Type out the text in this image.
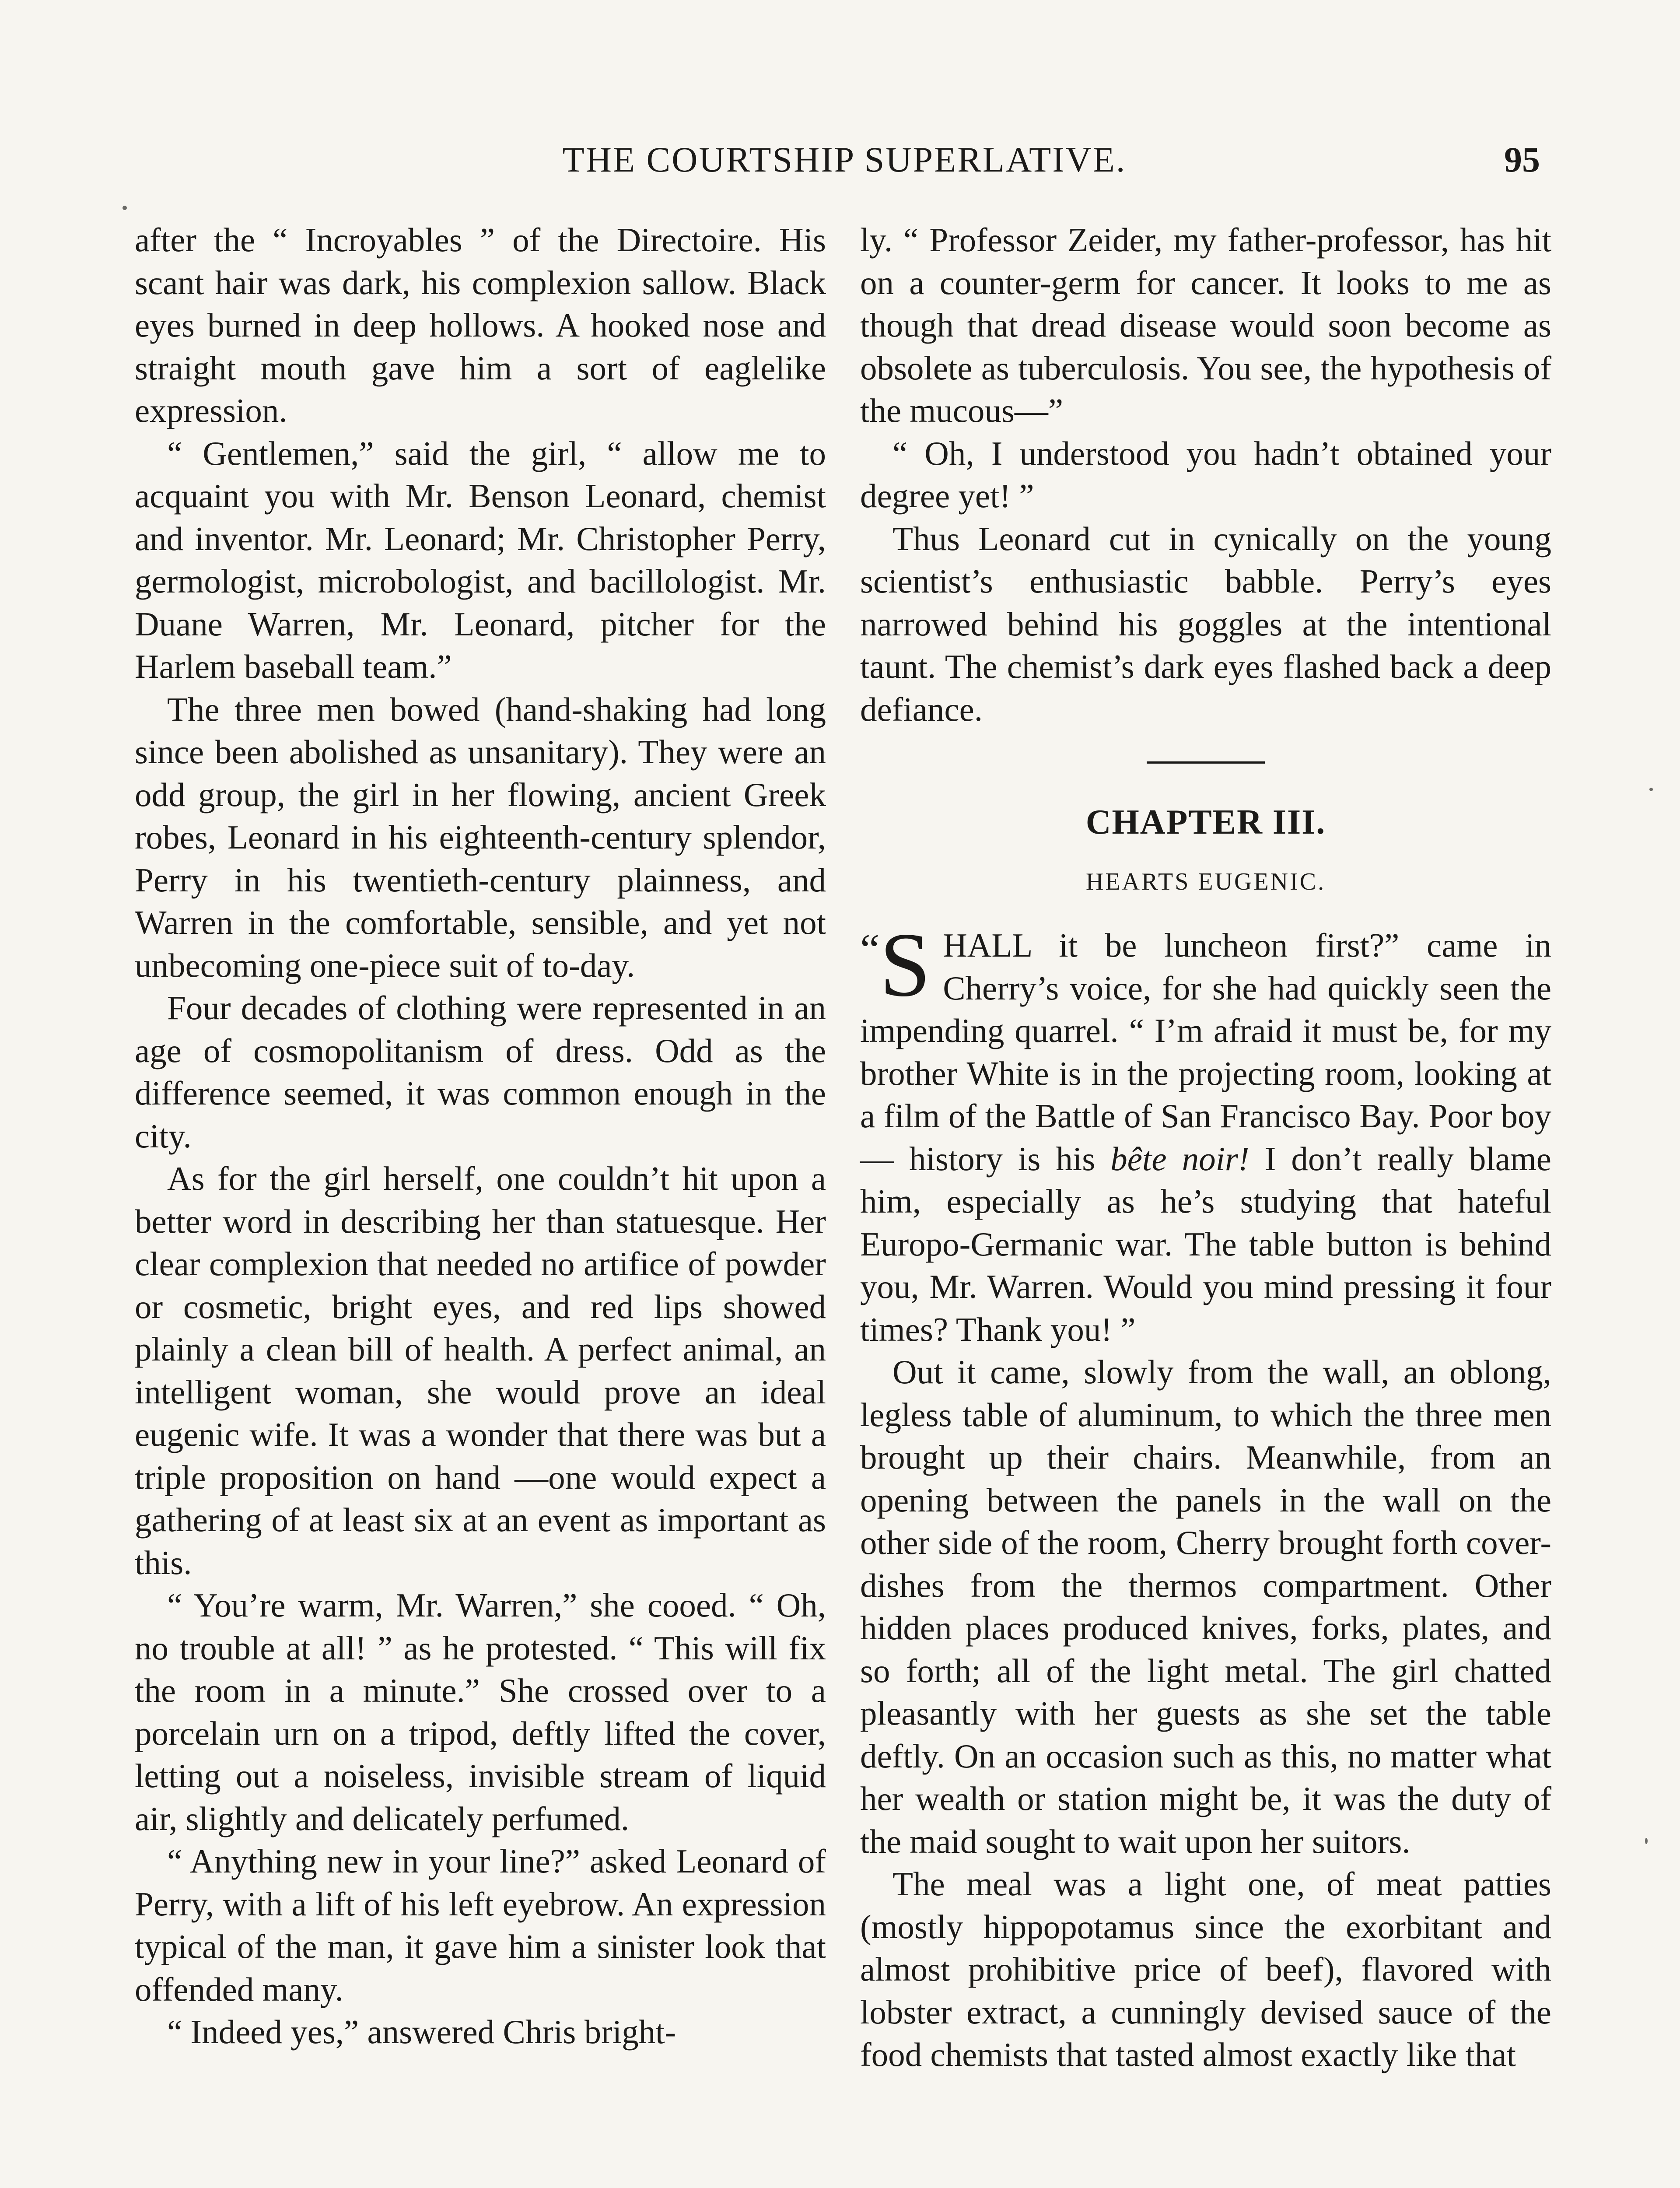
THE COURTSHIP SUPERLATIVE.	95

after the “ Incroyables ” of the Directoire. His scant hair was dark, his complexion sallow. Black eyes burned in deep hollows. A hooked nose and straight mouth gave him a sort of eaglelike expression.

“ Gentlemen,” said the girl, “ allow me to acquaint you with Mr. Benson Leonard, chemist and inventor. Mr. Leonard; Mr. Christopher Perry, germologist, microbologist, and bacillologist. Mr. Duane Warren, Mr. Leonard, pitcher for the Harlem baseball team.”

The three men bowed (hand-shaking had long since been abolished as unsanitary). They were an odd group, the girl in her flowing, ancient Greek robes, Leonard in his eighteenth-century splendor, Perry in his twentieth-century plainness, and Warren in the comfortable, sensible, and yet not unbecoming one-piece suit of to-day.

Four decades of clothing were represented in an age of cosmopolitanism of dress. Odd as the difference seemed, it was common enough in the city.

As for the girl herself, one couldn’t hit upon a better word in describing her than statuesque. Her clear complexion that needed no artifice of powder or cosmetic, bright eyes, and red lips showed plainly a clean bill of health. A perfect animal, an intelligent woman, she would prove an ideal eugenic wife. It was a wonder that there was but a triple proposition on hand —one would expect a gathering of at least six at an event as important as this.

“ You’re warm, Mr. Warren,” she cooed. “ Oh, no trouble at all! ” as he protested. “ This will fix the room in a minute.” She crossed over to a porcelain urn on a tripod, deftly lifted the cover, letting out a noiseless, invisible stream of liquid air, slightly and delicately perfumed.

“ Anything new in your line?” asked Leonard of Perry, with a lift of his left eyebrow. An expression typical of the man, it gave him a sinister look that offended many.

“ Indeed yes,” answered Chris bright-

ly. “ Professor Zeider, my father-professor, has hit on a counter-germ for cancer. It looks to me as though that dread disease would soon become as obsolete as tuberculosis. You see, the hypothesis of the mucous—”

“ Oh, I understood you hadn’t obtained your degree yet! ”

Thus Leonard cut in cynically on the young scientist’s enthusiastic babble. Perry’s eyes narrowed behind his goggles at the intentional taunt. The chemist’s dark eyes flashed back a deep defiance.

CHAPTER III.
HEARTS EUGENIC.

“S HALL it be luncheon first?” came in Cherry’s voice, for she had quickly seen the impending quarrel. “ I’m afraid it must be, for my brother White is in the projecting room, looking at a film of the Battle of San Francisco Bay. Poor boy — history is his bête noir! I don’t really blame him, especially as he’s studying that hateful Europo-Germanic war. The table button is behind you, Mr. Warren. Would you mind pressing it four times? Thank you! ”

Out it came, slowly from the wall, an oblong, legless table of aluminum, to which the three men brought up their chairs. Meanwhile, from an opening between the panels in the wall on the other side of the room, Cherry brought forth cover-dishes from the thermos compartment. Other hidden places produced knives, forks, plates, and so forth; all of the light metal. The girl chatted pleasantly with her guests as she set the table deftly. On an occasion such as this, no matter what her wealth or station might be, it was the duty of the maid sought to wait upon her suitors.

The meal was a light one, of meat patties (mostly hippopotamus since the exorbitant and almost prohibitive price of beef), flavored with lobster extract, a cunningly devised sauce of the food chemists that tasted almost exactly like that
